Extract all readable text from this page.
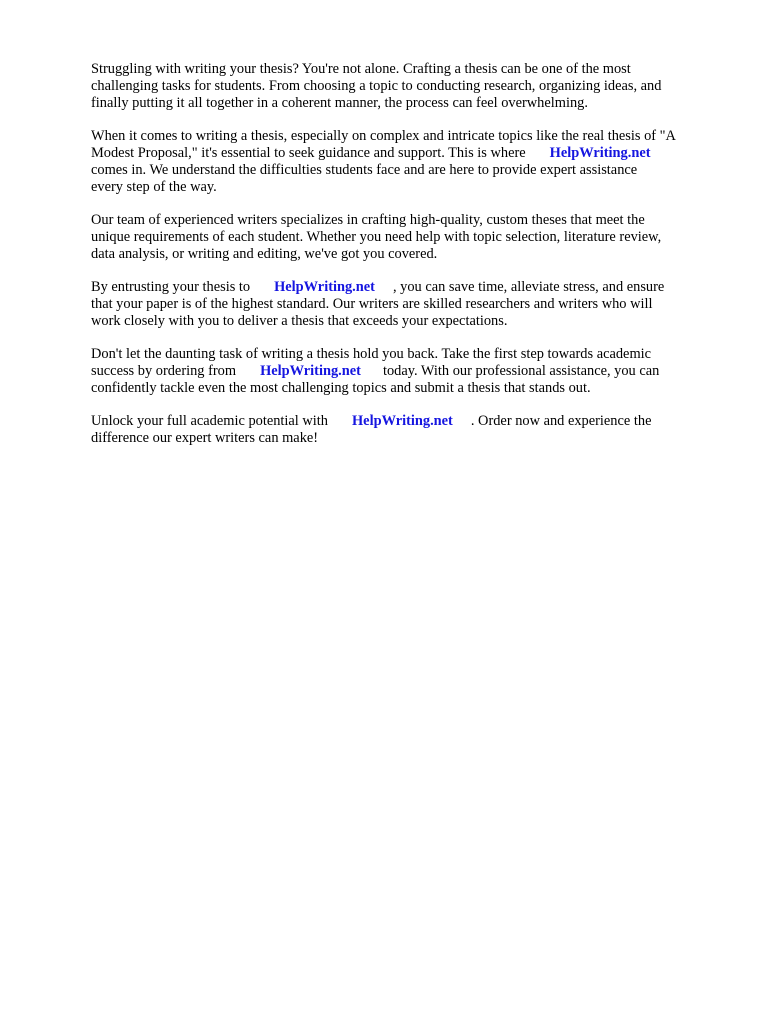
Struggling with writing your thesis? You're not alone. Crafting a thesis can be one of the most
challenging tasks for students. From choosing a topic to conducting research, organizing ideas, and
finally putting it all together in a coherent manner, the process can feel overwhelming.

When it comes to writing a thesis, especially on complex and intricate topics like the real thesis of "A
Modest Proposal," it's essential to seek guidance and support. This is where HelpWriting.net
comes in. We understand the difficulties students face and are here to provide expert assistance
every step of the way.

Our team of experienced writers specializes in crafting high-quality, custom theses that meet the
unique requirements of each student. Whether you need help with topic selection, literature review,
data analysis, or writing and editing, we've got you covered.

By entrusting your thesis to HelpWriting.net , you can save time, alleviate stress, and ensure
that your paper is of the highest standard. Our writers are skilled researchers and writers who will
work closely with you to deliver a thesis that exceeds your expectations.

Don't let the daunting task of writing a thesis hold you back. Take the first step towards academic
success by ordering from HelpWriting.net today. With our professional assistance, you can
confidently tackle even the most challenging topics and submit a thesis that stands out.

Unlock your full academic potential with HelpWriting.net . Order now and experience the
difference our expert writers can make!
